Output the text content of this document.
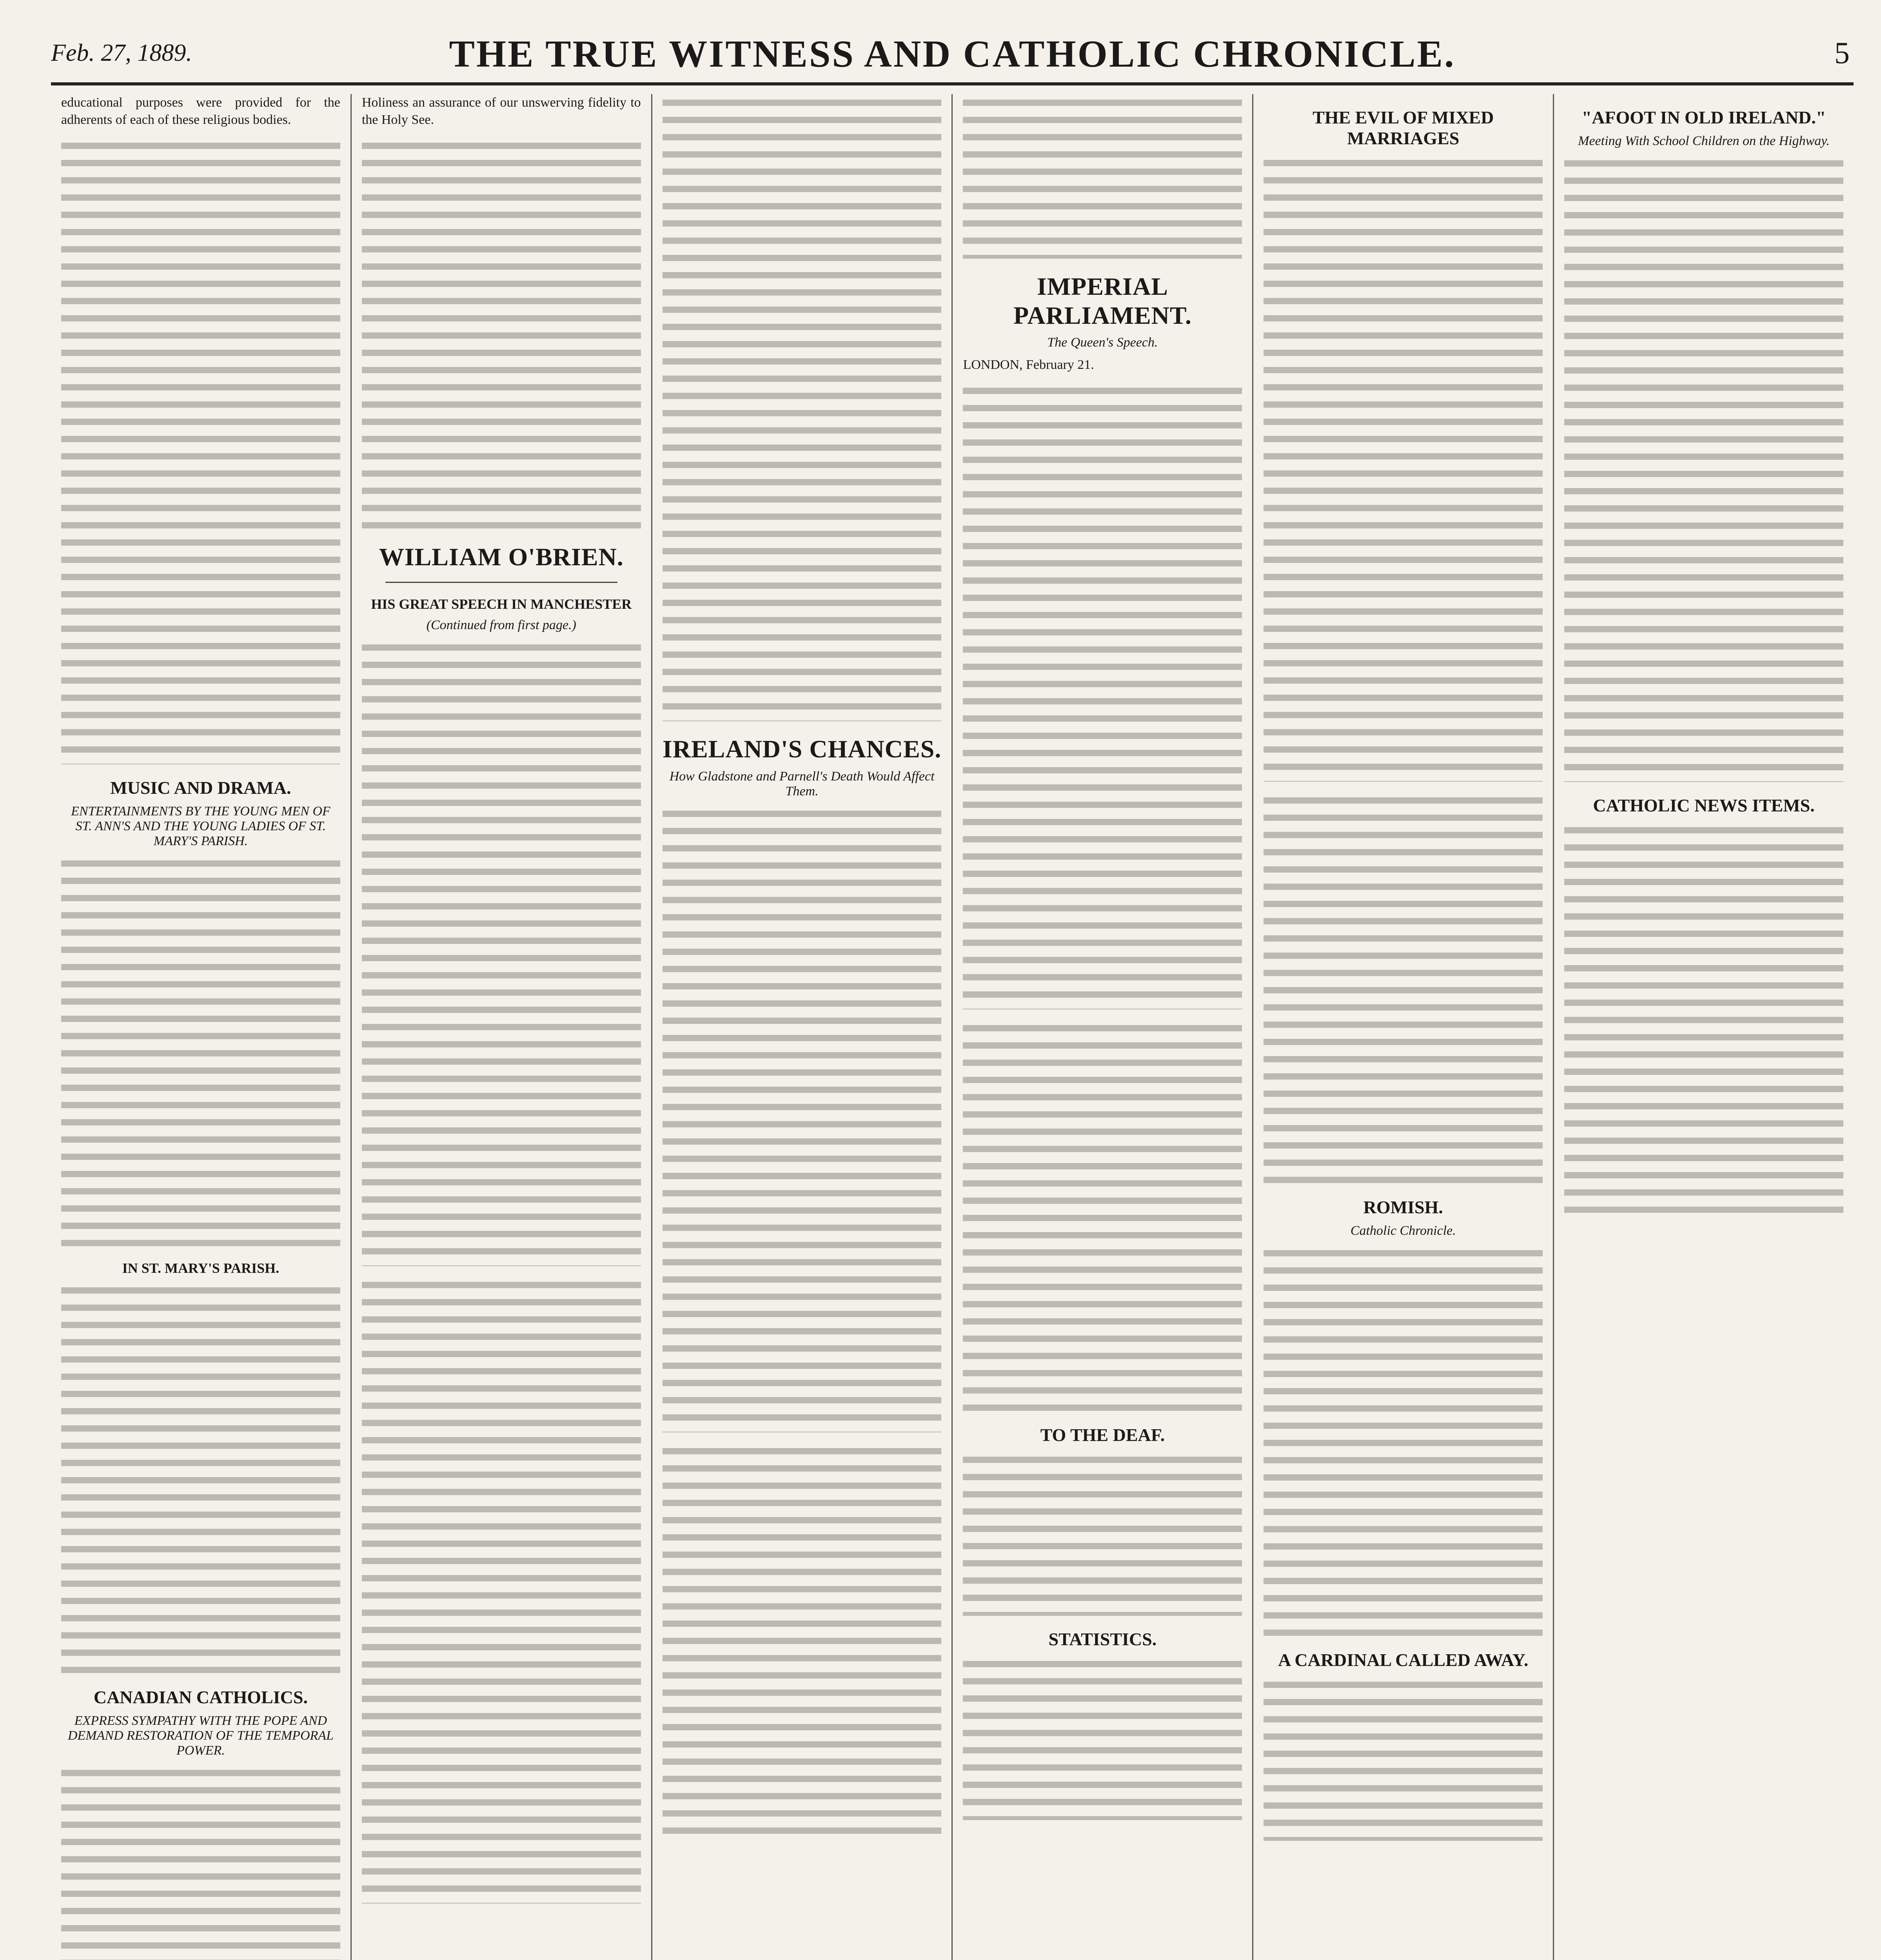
Feb. 27, 1889.	THE TRUE WITNESS AND CATHOLIC CHRONICLE.	5

educational purposes were provided for the adherents of each of these religious bodies.

MUSIC AND DRAMA.
ENTERTAINMENTS BY THE YOUNG MEN OF ST. ANN'S AND THE YOUNG LADIES OF ST. MARY'S PARISH.
IN ST. MARY'S PARISH.
CANADIAN CATHOLICS.
EXPRESS SYMPATHY WITH THE POPE AND DEMAND RESTORATION OF THE TEMPORAL POWER.

Holiness an assurance of our unswerving fidelity to the Holy See.

WILLIAM O'BRIEN.
HIS GREAT SPEECH IN MANCHESTER
(Continued from first page.)
IRELAND'S CHANCES.
How Gladstone and Parnell's Death Would Affect Them.
IMPERIAL PARLIAMENT.
The Queen's Speech.

LONDON, February 21.

TO THE DEAF.
STATISTICS.
THE EVIL OF MIXED MARRIAGES
ROMISH.
Catholic Chronicle.
A CARDINAL CALLED AWAY.
"AFOOT IN OLD IRELAND."
Meeting With School Children on the Highway.
CATHOLIC NEWS ITEMS.
